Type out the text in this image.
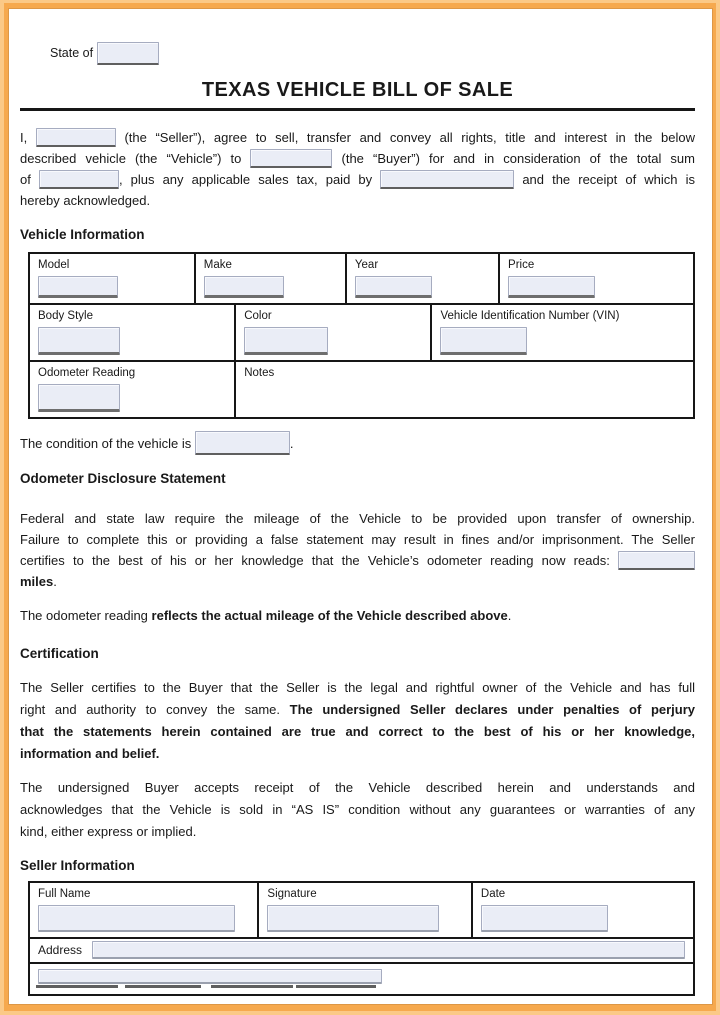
State of
TEXAS VEHICLE BILL OF SALE
I,	(the “Seller”), agree to sell, transfer and convey all rights, title and interest in the below
described vehicle (the “Vehicle”) to	(the “Buyer”) for and in consideration of the total sum
of	, plus any applicable sales tax, paid by	and the receipt of which is
hereby acknowledged.
Vehicle Information
Model	Make	Year	Price
Body Style	Color	Vehicle Identification Number (VIN)
Odometer Reading	Notes
The condition of the vehicle is	.
Odometer Disclosure Statement
Federal and state law require the mileage of the Vehicle to be provided upon transfer of ownership.
Failure to complete this or providing a false statement may result in fines and/or imprisonment. The Seller
certifies to the best of his or her knowledge that the Vehicle’s odometer reading now reads:
miles.
The odometer reading reflects the actual mileage of the Vehicle described above.
Certification
The Seller certifies to the Buyer that the Seller is the legal and rightful owner of the Vehicle and has full
right and authority to convey the same. The undersigned Seller declares under penalties of perjury
that the statements herein contained are true and correct to the best of his or her knowledge,
information and belief.
The undersigned Buyer accepts receipt of the Vehicle described herein and understands and
acknowledges that the Vehicle is sold in “AS IS” condition without any guarantees or warranties of any
kind, either express or implied.
Seller Information
Full Name	Signature	Date
Address
